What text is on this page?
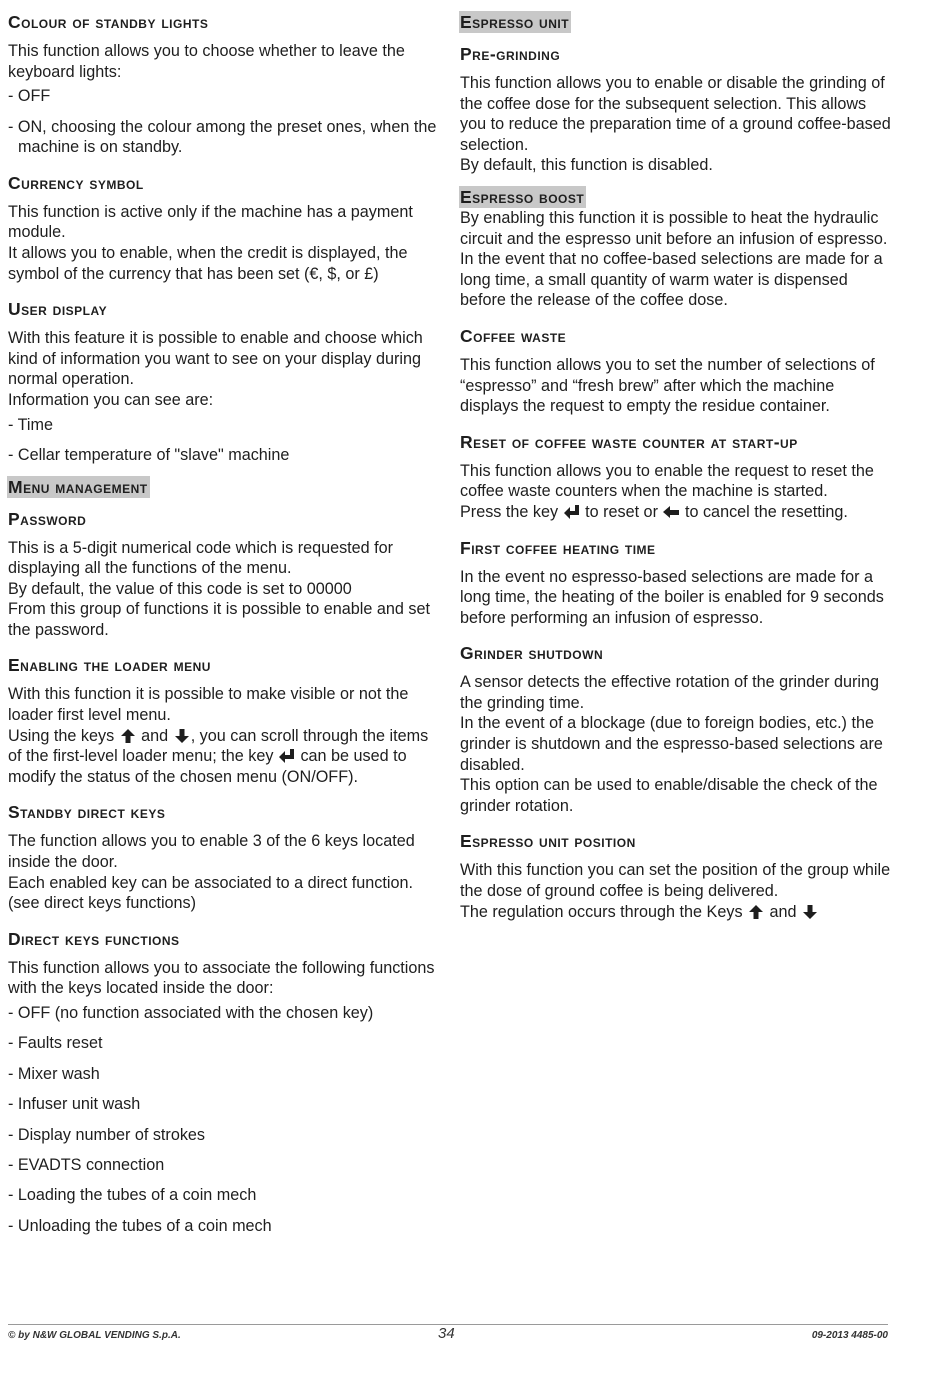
Colour of standby lights

This function allows you to choose whether to leave the keyboard lights:

- OFF

- ON, choosing the colour among the preset ones, when the machine is on standby.

Currency symbol

This function is active only if the machine has a payment module.

It allows you to enable, when the credit is displayed, the symbol of the currency that has been set (€, $, or £)

User display

With this feature it is possible to enable and choose which kind of information you want to see on your display during normal operation.

Information you can see are:

- Time

- Cellar temperature of "slave" machine

Menu management
Password

This is a 5-digit numerical code which is requested for displaying all the functions of the menu.

By default, the value of this code is set to 00000

From this group of functions it is possible to enable and set the password.

Enabling the loader menu

With this function it is possible to make visible or not the loader first level menu.

Using the keys and , you can scroll through the items of the first-level loader menu; the key can be used to modify the status of the chosen menu (ON/OFF).

Standby direct keys

The function allows you to enable 3 of the 6 keys located inside the door.

Each enabled key can be associated to a direct function. (see direct keys functions)

Direct keys functions

This function allows you to associate the following functions with the keys located inside the door:

- OFF (no function associated with the chosen key)

- Faults reset

- Mixer wash

- Infuser unit wash

- Display number of strokes

- EVADTS connection

- Loading the tubes of a coin mech

- Unloading the tubes of a coin mech

Espresso unit
Pre-grinding

This function allows you to enable or disable the grinding of the coffee dose for the subsequent selection. This allows you to reduce the preparation time of a ground coffee-based selection.

By default, this function is disabled.

Espresso boost

By enabling this function it is possible to heat the hydraulic circuit and the espresso unit before an infusion of espresso.

In the event that no coffee-based selections are made for a long time, a small quantity of warm water is dispensed before the release of the coffee dose.

Coffee waste

This function allows you to set the number of selections of “espresso” and “fresh brew” after which the machine displays the request to empty the residue container.

Reset of coffee waste counter at start-up

This function allows you to enable the request to reset the coffee waste counters when the machine is started.

Press the key to reset or to cancel the resetting.

First coffee heating time

In the event no espresso-based selections are made for a long time, the heating of the boiler is enabled for 9 seconds before performing an infusion of espresso.

Grinder shutdown

A sensor detects the effective rotation of the grinder during the grinding time.

In the event of a blockage (due to foreign bodies, etc.) the grinder is shutdown and the espresso-based selections are disabled.

This option can be used to enable/disable the check of the grinder rotation.

Espresso unit position

With this function you can set the position of the group while the dose of ground coffee is being delivered.

The regulation occurs through the Keys and

© by N&W GLOBAL VENDING S.p.A.	34	09-2013 4485-00
